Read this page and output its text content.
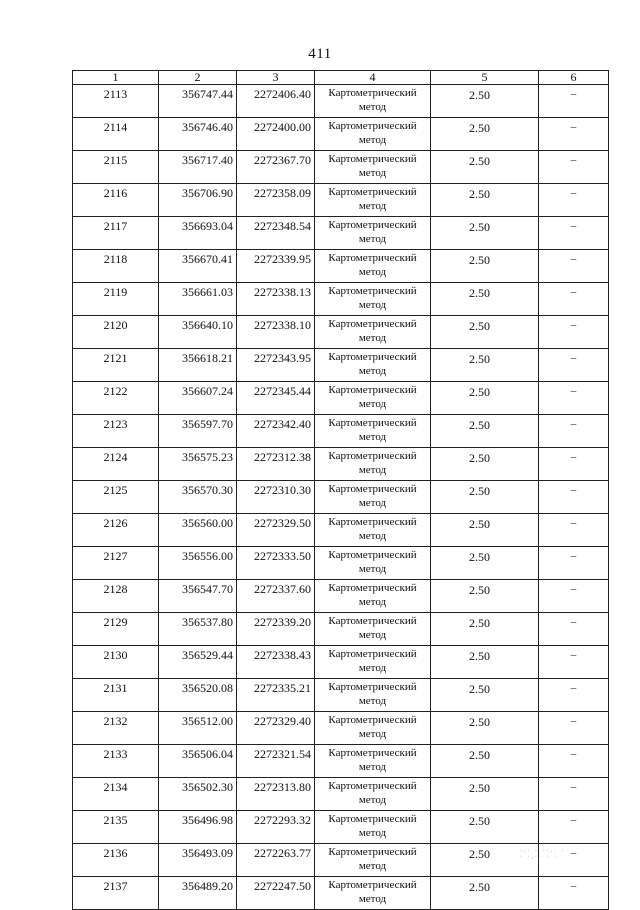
411
1	2	3	4	5	6
2113	356747.44	2272406.40	Картометрический
метод	2.50	–
2114	356746.40	2272400.00	Картометрический
метод	2.50	–
2115	356717.40	2272367.70	Картометрический
метод	2.50	–
2116	356706.90	2272358.09	Картометрический
метод	2.50	–
2117	356693.04	2272348.54	Картометрический
метод	2.50	–
2118	356670.41	2272339.95	Картометрический
метод	2.50	–
2119	356661.03	2272338.13	Картометрический
метод	2.50	–
2120	356640.10	2272338.10	Картометрический
метод	2.50	–
2121	356618.21	2272343.95	Картометрический
метод	2.50	–
2122	356607.24	2272345.44	Картометрический
метод	2.50	–
2123	356597.70	2272342.40	Картометрический
метод	2.50	–
2124	356575.23	2272312.38	Картометрический
метод	2.50	–
2125	356570.30	2272310.30	Картометрический
метод	2.50	–
2126	356560.00	2272329.50	Картометрический
метод	2.50	–
2127	356556.00	2272333.50	Картометрический
метод	2.50	–
2128	356547.70	2272337.60	Картометрический
метод	2.50	–
2129	356537.80	2272339.20	Картометрический
метод	2.50	–
2130	356529.44	2272338.43	Картометрический
метод	2.50	–
2131	356520.08	2272335.21	Картометрический
метод	2.50	–
2132	356512.00	2272329.40	Картометрический
метод	2.50	–
2133	356506.04	2272321.54	Картометрический
метод	2.50	–
2134	356502.30	2272313.80	Картометрический
метод	2.50	–
2135	356496.98	2272293.32	Картометрический
метод	2.50	–
2136	356493.09	2272263.77	Картометрический
метод	2.50	–
2137	356489.20	2272247.50	Картометрический
метод	2.50	–
·.· · ··.· ·
· ·.·· · ·
